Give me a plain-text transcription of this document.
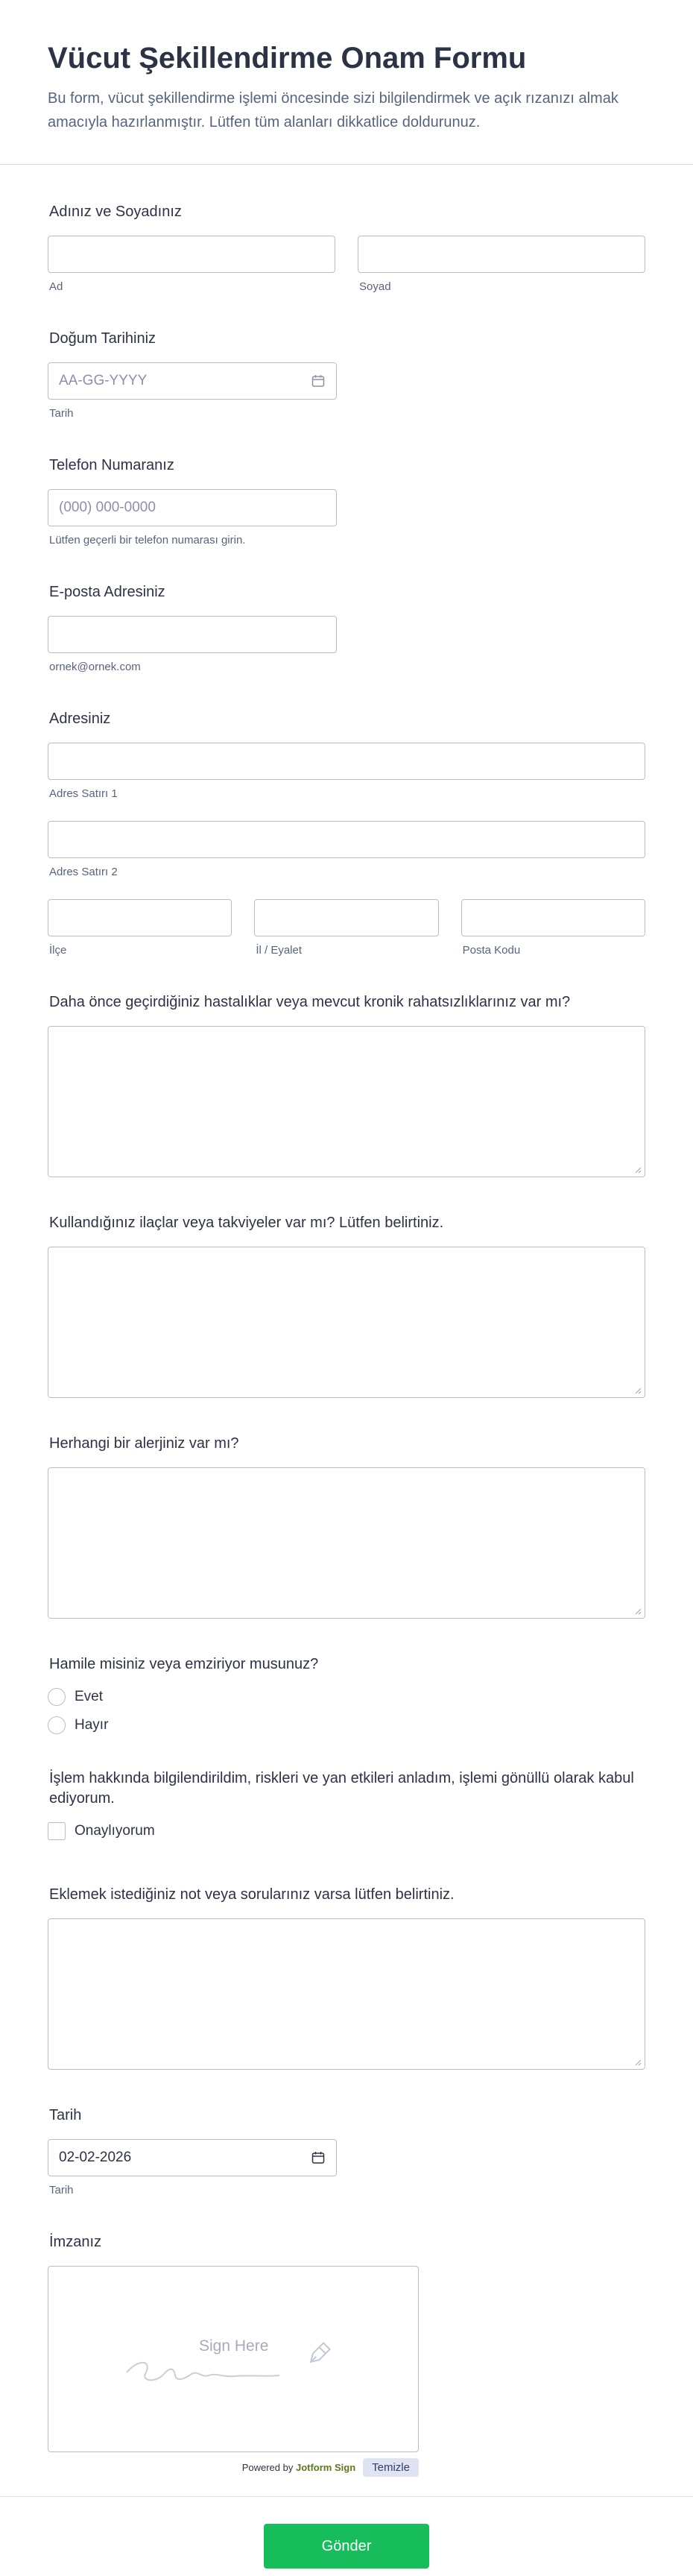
Vücut Şekillendirme Onam Formu

Bu form, vücut şekillendirme işlemi öncesinde sizi bilgilendirmek ve açık rızanızı almak amacıyla hazırlanmıştır. Lütfen tüm alanları dikkatlice doldurunuz.

Adınız ve Soyadınız
Ad	Soyad
Doğum Tarihiniz
AA-GG-YYYY
Tarih
Telefon Numaranız
(000) 000-0000
Lütfen geçerli bir telefon numarası girin.
E-posta Adresiniz
ornek@ornek.com
Adresiniz
Adres Satırı 1
Adres Satırı 2
İlçe	İl / Eyalet	Posta Kodu
Daha önce geçirdiğiniz hastalıklar veya mevcut kronik rahatsızlıklarınız var mı?
Kullandığınız ilaçlar veya takviyeler var mı? Lütfen belirtiniz.
Herhangi bir alerjiniz var mı?
Hamile misiniz veya emziriyor musunuz?
Evet
Hayır
İşlem hakkında bilgilendirildim, riskleri ve yan etkileri anladım, işlemi gönüllü olarak kabul ediyorum.
Onaylıyorum
Eklemek istediğiniz not veya sorularınız varsa lütfen belirtiniz.
Tarih
02-02-2026
Tarih
İmzanız
Sign Here
Powered by Jotform Sign	Temizle
Gönder
